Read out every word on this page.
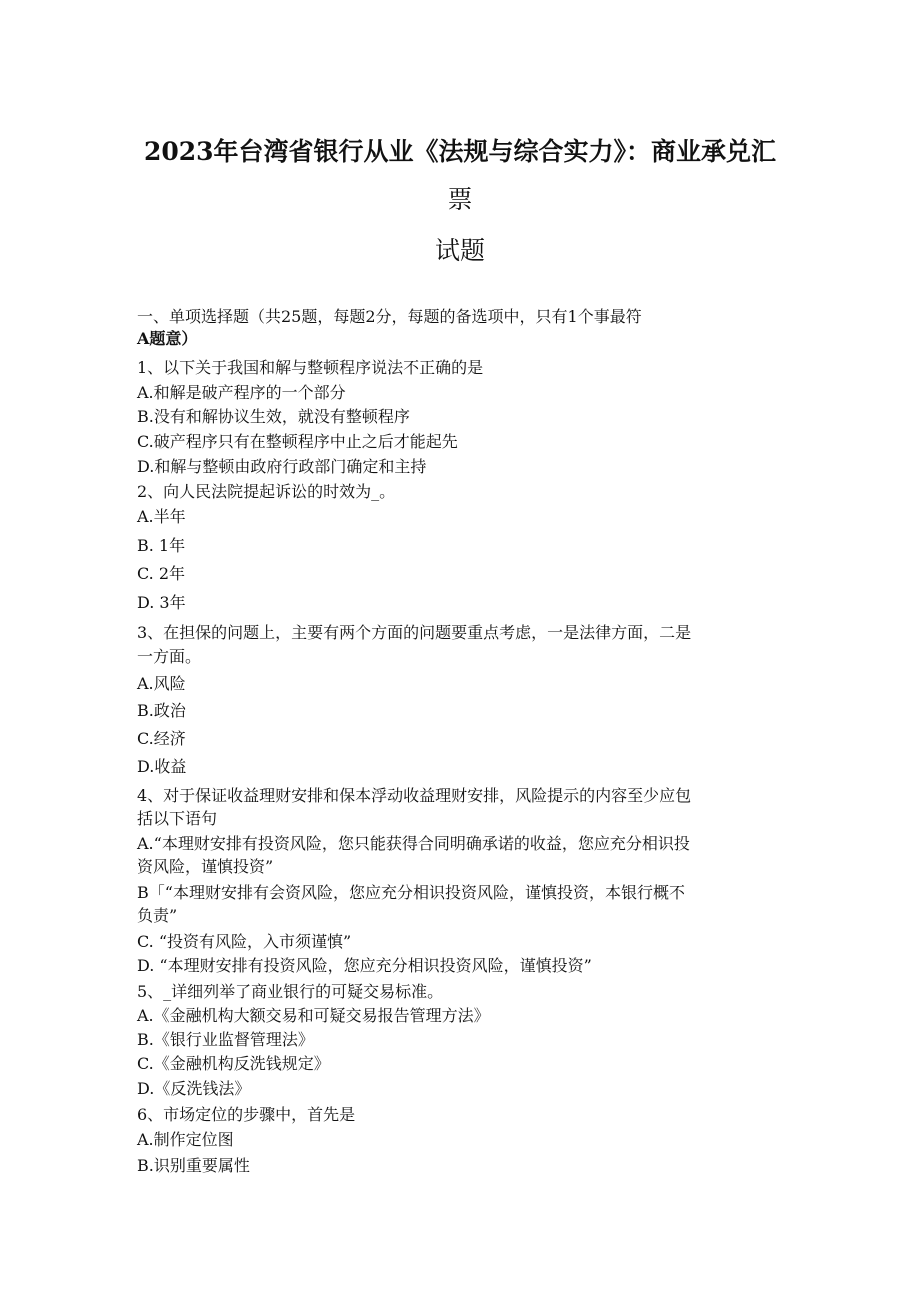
2023年台湾省银行从业《法规与综合实力》：商业承兑汇
票
试题
一、单项选择题（共25题，每题2分，每题的备选项中，只有1个事最符
A题意）
1、以下关于我国和解与整顿程序说法不正确的是
A.和解是破产程序的一个部分
B.没有和解协议生效，就没有整顿程序
C.破产程序只有在整顿程序中止之后才能起先
D.和解与整顿由政府行政部门确定和主持
2、向人民法院提起诉讼的时效为_。
A.半年
B. 1年
C. 2年
D. 3年
3、在担保的问题上，主要有两个方面的问题要重点考虑，一是法律方面，二是
一方面。
A.风险
B.政治
C.经济
D.收益
4、对于保证收益理财安排和保本浮动收益理财安排，风险提示的内容至少应包
括以下语句
A.“本理财安排有投资风险，您只能获得合同明确承诺的收益，您应充分相识投
资风险，谨慎投资”
B「“本理财安排有会资风险，您应充分相识投资风险，谨慎投资，本银行概不
负责”
C. “投资有风险，入市须谨慎”
D. “本理财安排有投资风险，您应充分相识投资风险，谨慎投资”
5、_详细列举了商业银行的可疑交易标准。
A.《金融机构大额交易和可疑交易报告管理方法》
B.《银行业监督管理法》
C.《金融机构反洗钱规定》
D.《反洗钱法》
6、市场定位的步骤中，首先是
A.制作定位图
B.识别重要属性
